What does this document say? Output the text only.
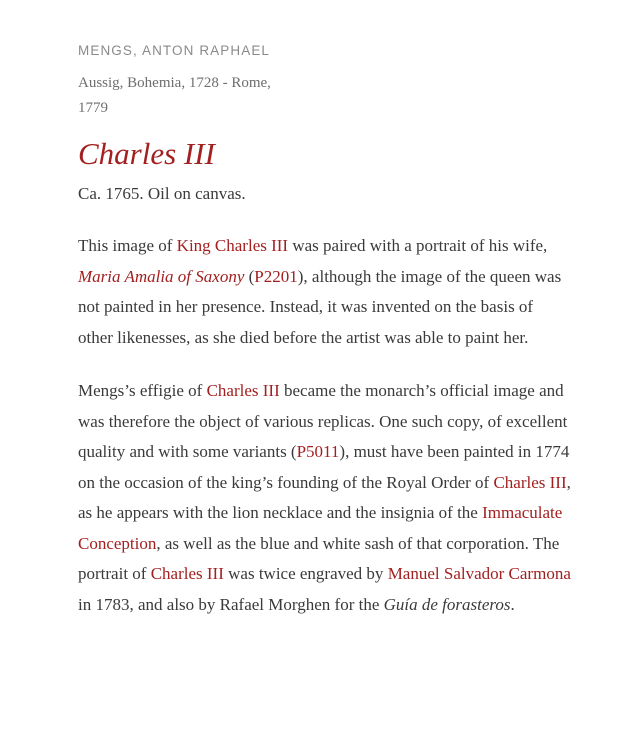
MENGS, ANTON RAPHAEL
Aussig, Bohemia, 1728 - Rome, 1779
Charles III
Ca. 1765. Oil on canvas.

This image of King Charles III was paired with a portrait of his wife, Maria Amalia of Saxony (P2201), although the image of the queen was not painted in her presence. Instead, it was invented on the basis of other likenesses, as she died before the artist was able to paint her.

Mengs’s effigie of Charles III became the monarch’s official image and was therefore the object of various replicas. One such copy, of excellent quality and with some variants (P5011), must have been painted in 1774 on the occasion of the king’s founding of the Royal Order of Charles III, as he appears with the lion necklace and the insignia of the Immaculate Conception, as well as the blue and white sash of that corporation. The portrait of Charles III was twice engraved by Manuel Salvador Carmona in 1783, and also by Rafael Morghen for the Guía de forasteros.
